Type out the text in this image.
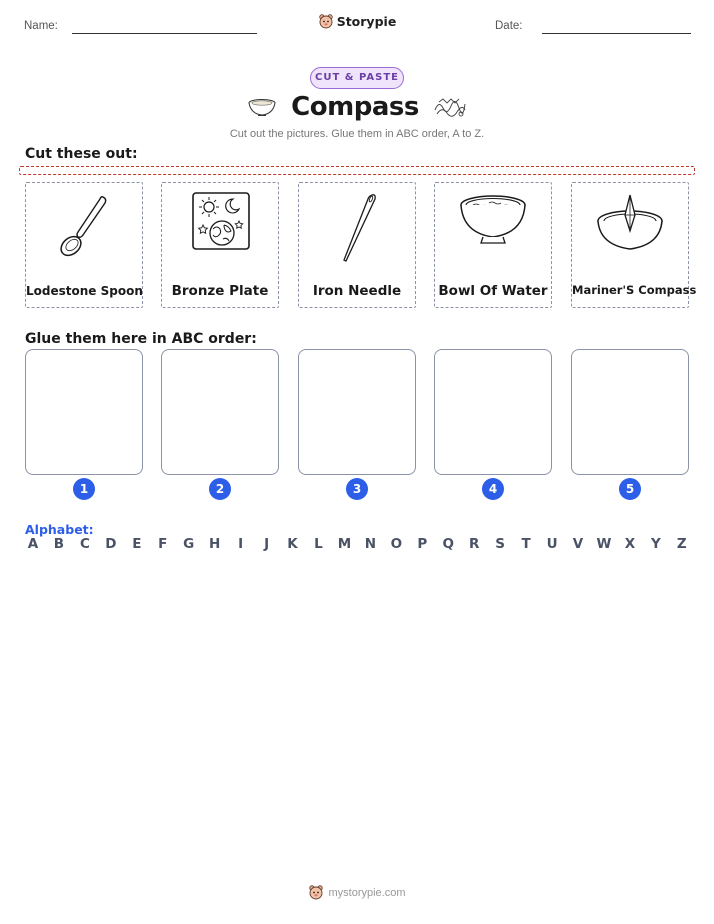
Name:	Date:
Storypie
CUT & PASTE
Compass
Cut out the pictures. Glue them in ABC order, A to Z.
Cut these out:
Lodestone Spoon	Bronze Plate	Iron Needle	Bowl Of Water Mariner'S Compass
Glue them here in ABC order:
1	2	3	4	5
Alphabet:
A B C D E F G H	I	J	K L M N O P Q R S T U V W X Y Z
mystorypie.com
